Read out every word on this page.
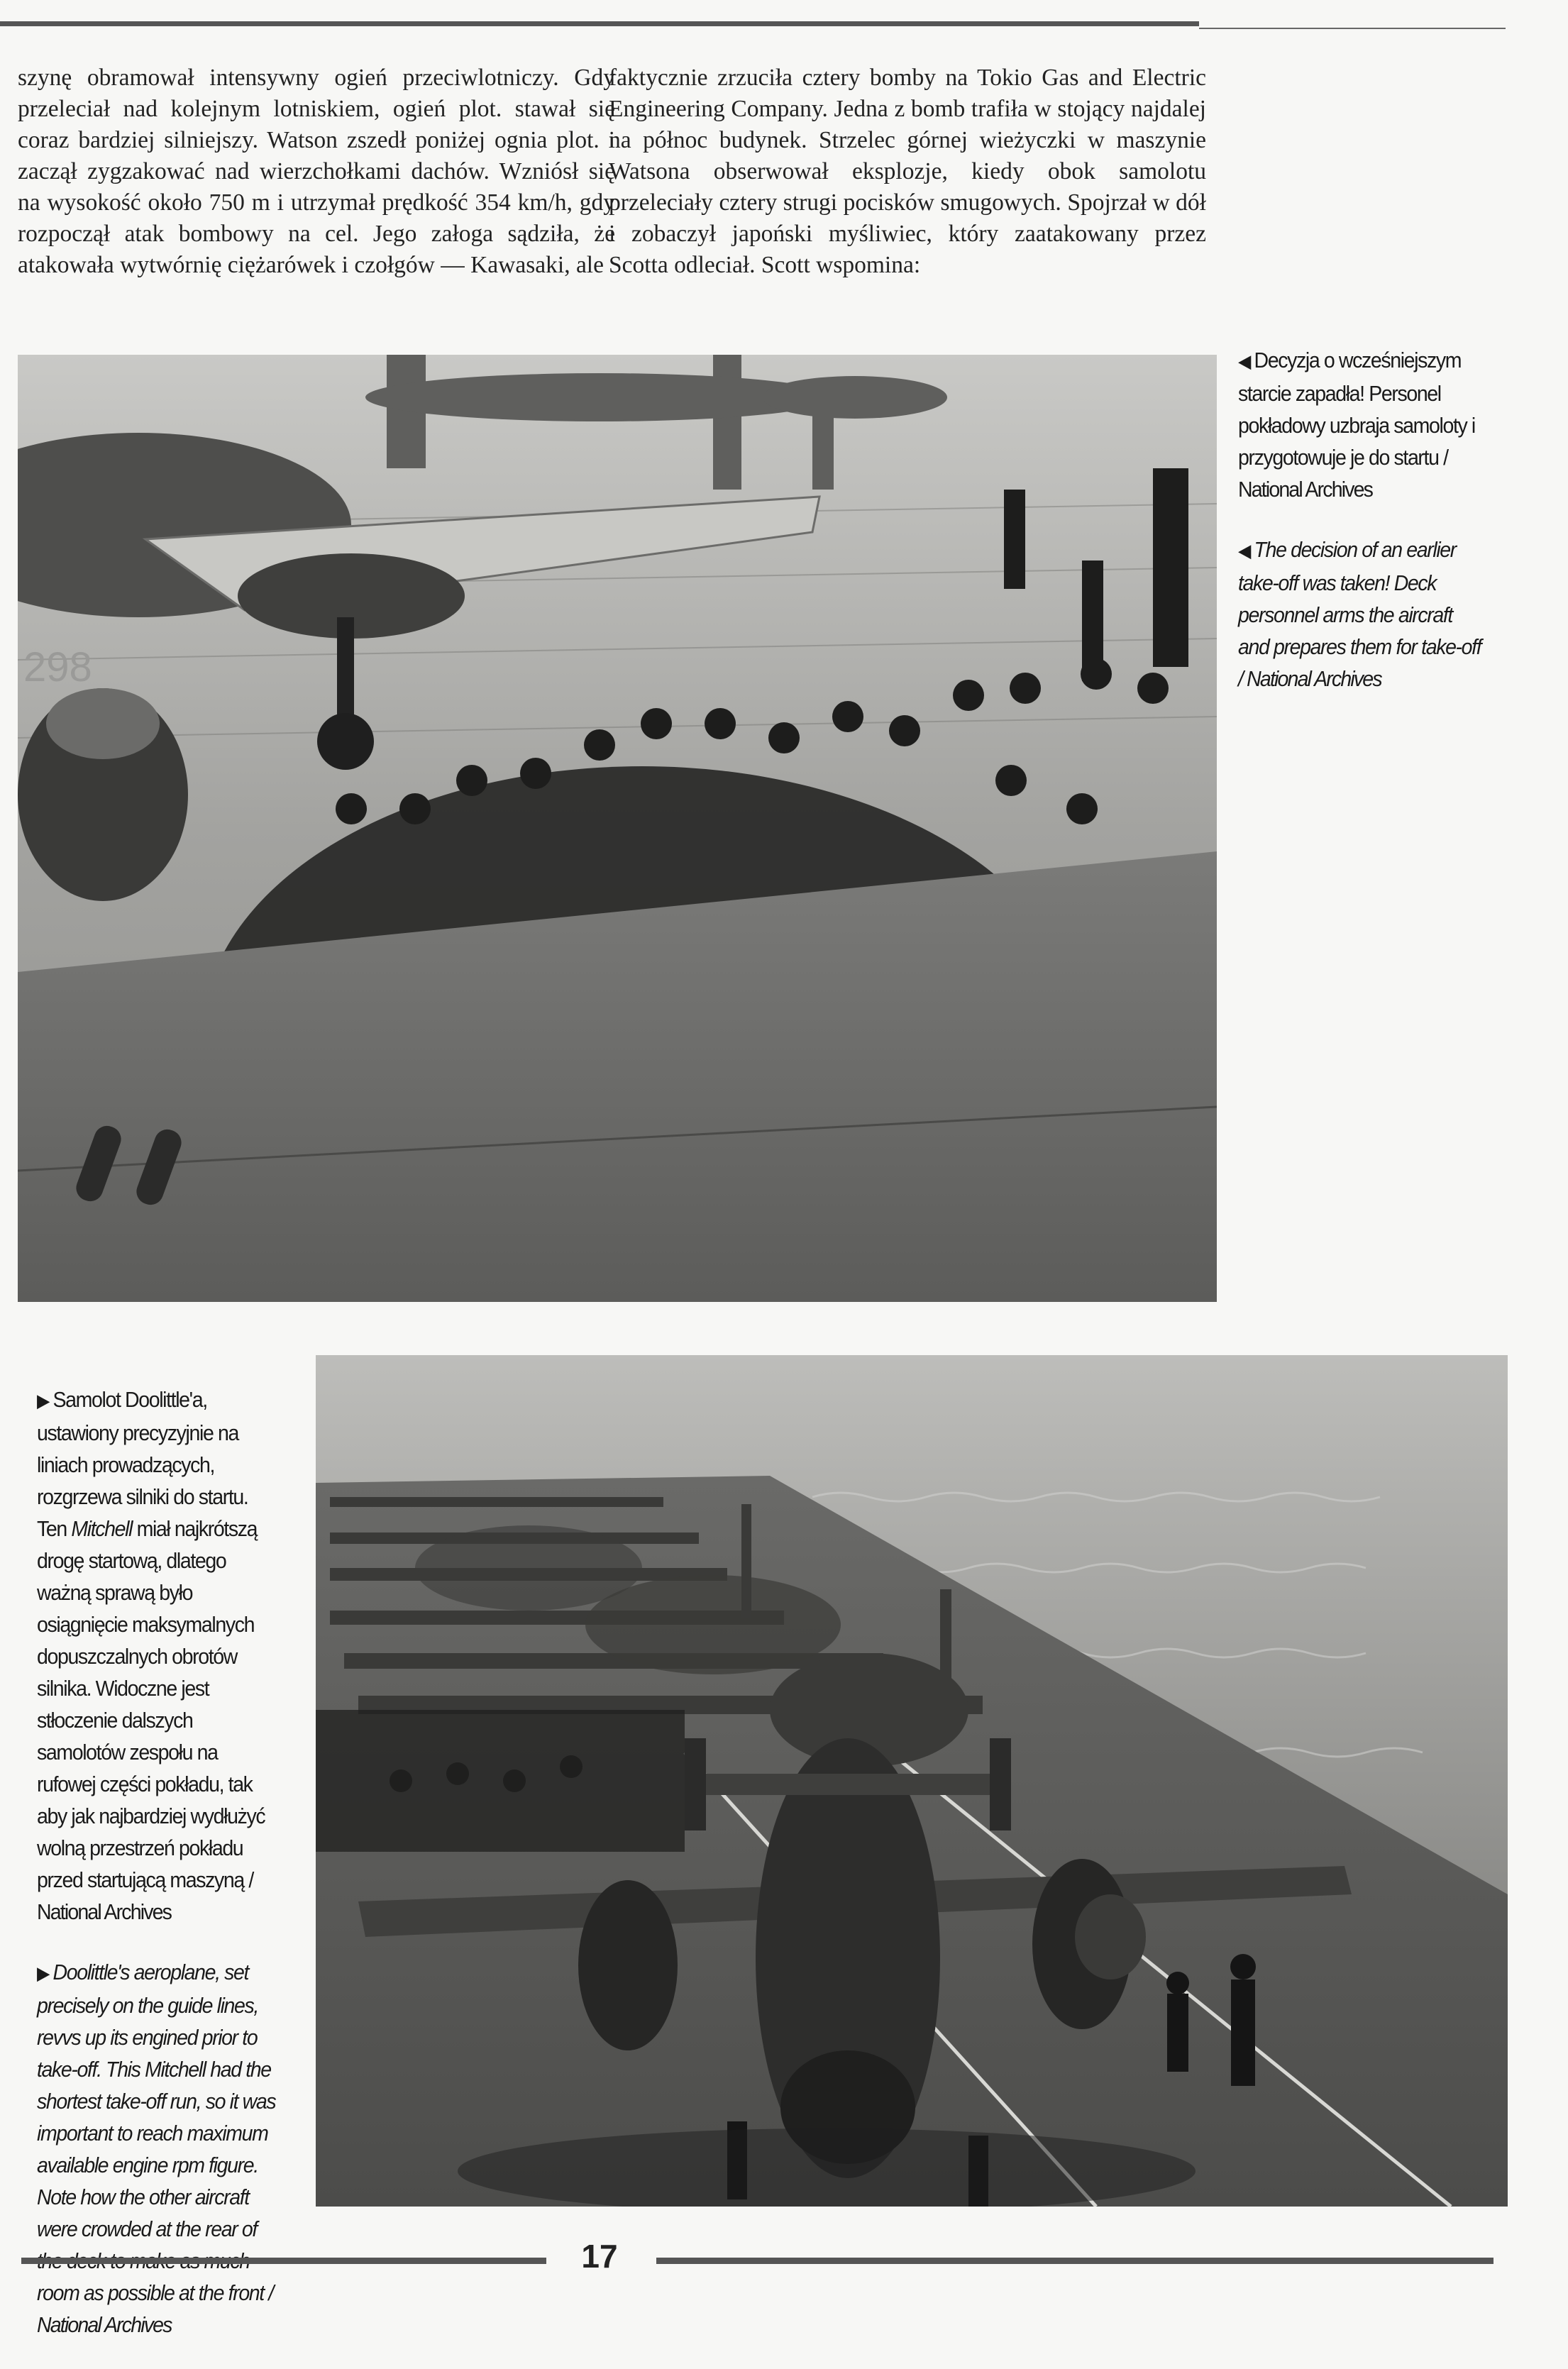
szynę obramował intensywny ogień przeciwlotniczy. Gdy przeleciał nad kolejnym lotniskiem, ogień plot. stawał się coraz bardziej silniejszy. Watson zszedł poniżej ognia plot. i zaczął zygzakować nad wierzchołkami dachów. Wzniósł się na wysokość około 750 m i utrzymał prędkość 354 km/h, gdy rozpoczął atak bombowy na cel. Jego załoga sądziła, że atakowała wytwórnię ciężarówek i czołgów — Kawasaki, ale

faktycznie zrzuciła cztery bomby na Tokio Gas and Electric Engineering Company. Jedna z bomb trafiła w stojący najdalej na północ budynek. Strzelec górnej wieżyczki w maszynie Watsona obserwował eksplozje, kiedy obok samolotu przeleciały cztery strugi pocisków smugowych. Spojrzał w dół i zobaczył japoński myśliwiec, który zaatakowany przez Scotta odleciał. Scott wspomina:

298

◀ Decyzja o wcześniejszym starcie zapadła! Personel pokładowy uzbraja samoloty i przygotowuje je do startu / National Archives

◀ The decision of an earlier take-off was taken! Deck personnel arms the aircraft and prepares them for take-off / National Archives

▶ Samolot Doolittle'a, ustawiony precyzyjnie na liniach prowadzących, rozgrzewa silniki do startu. Ten Mitchell miał najkrótszą drogę startową, dlatego ważną sprawą było osiągnięcie maksymalnych dopuszczalnych obrotów silnika. Widoczne jest stłoczenie dalszych samolotów zespołu na rufowej części pokładu, tak aby jak najbardziej wydłużyć wolną przestrzeń pokładu przed startującą maszyną / National Archives

▶ Doolittle's aeroplane, set precisely on the guide lines, revvs up its engined prior to take-off. This Mitchell had the shortest take-off run, so it was important to reach maximum available engine rpm figure. Note how the other aircraft were crowded at the rear of room as possible at the front / National Archives

17
